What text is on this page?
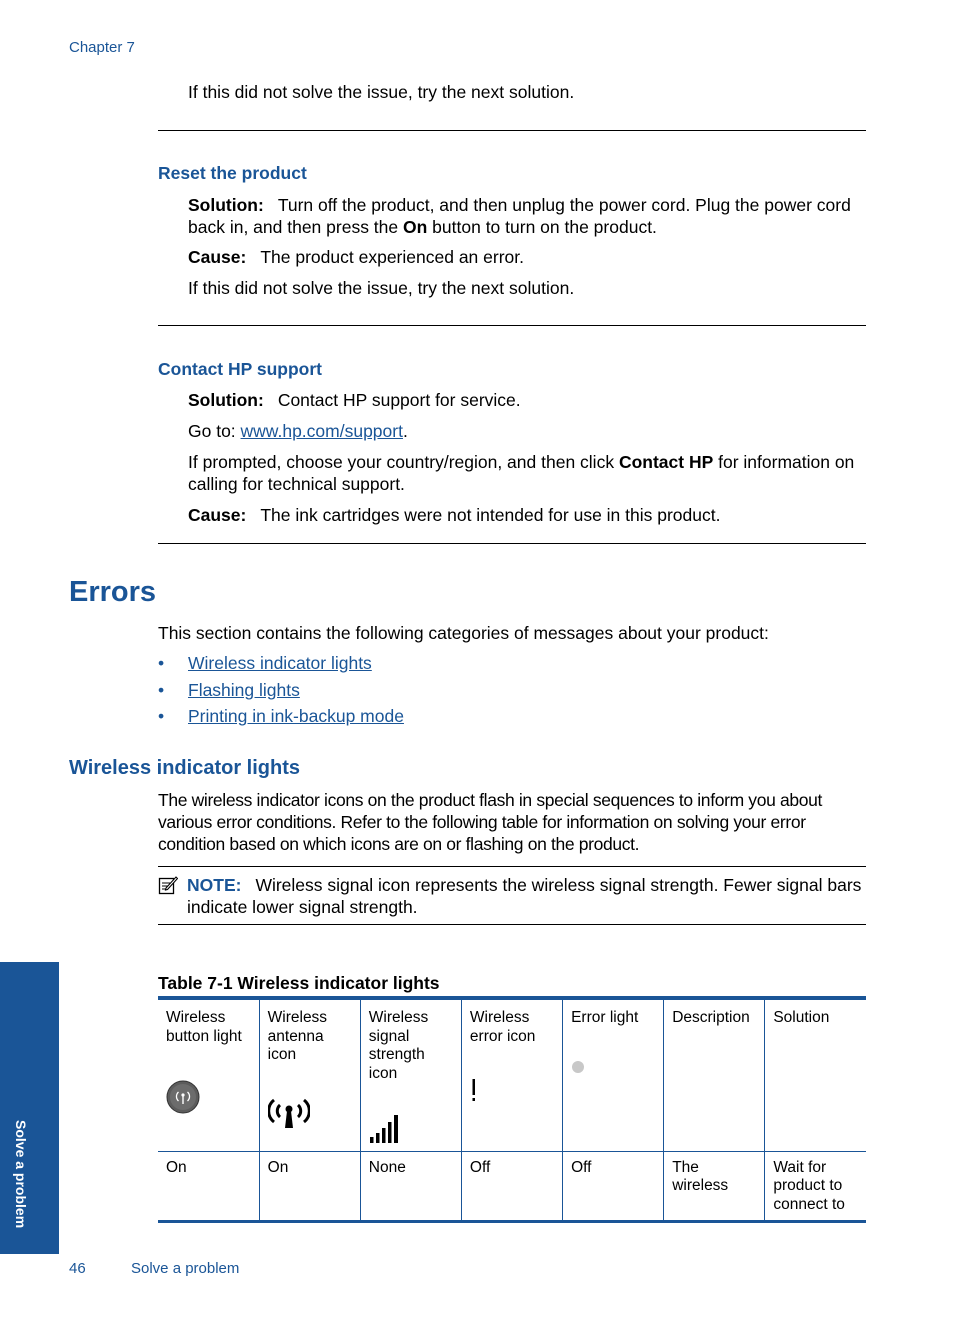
Chapter 7
If this did not solve the issue, try the next solution.
Reset the product
Solution: Turn off the product, and then unplug the power cord. Plug the power cord back in, and then press the On button to turn on the product.
Cause: The product experienced an error.
If this did not solve the issue, try the next solution.
Contact HP support
Solution: Contact HP support for service.
Go to: www.hp.com/support.
If prompted, choose your country/region, and then click Contact HP for information on calling for technical support.
Cause: The ink cartridges were not intended for use in this product.
Errors
This section contains the following categories of messages about your product:
•	Wireless indicator lights
•	Flashing lights
•	Printing in ink-backup mode
Wireless indicator lights
The wireless indicator icons on the product flash in special sequences to inform you about various error conditions. Refer to the following table for information on solving your error condition based on which icons are on or flashing on the product.
NOTE: Wireless signal icon represents the wireless signal strength. Fewer signal bars indicate lower signal strength.
Table 7-1 Wireless indicator lights
Wireless button light	Wireless antenna icon	Wireless signal strength icon	Wireless error icon	Error light	Description	Solution
On	On	None	Off	Off	The wireless	Wait for product to connect to
Solve a problem
46	Solve a problem
